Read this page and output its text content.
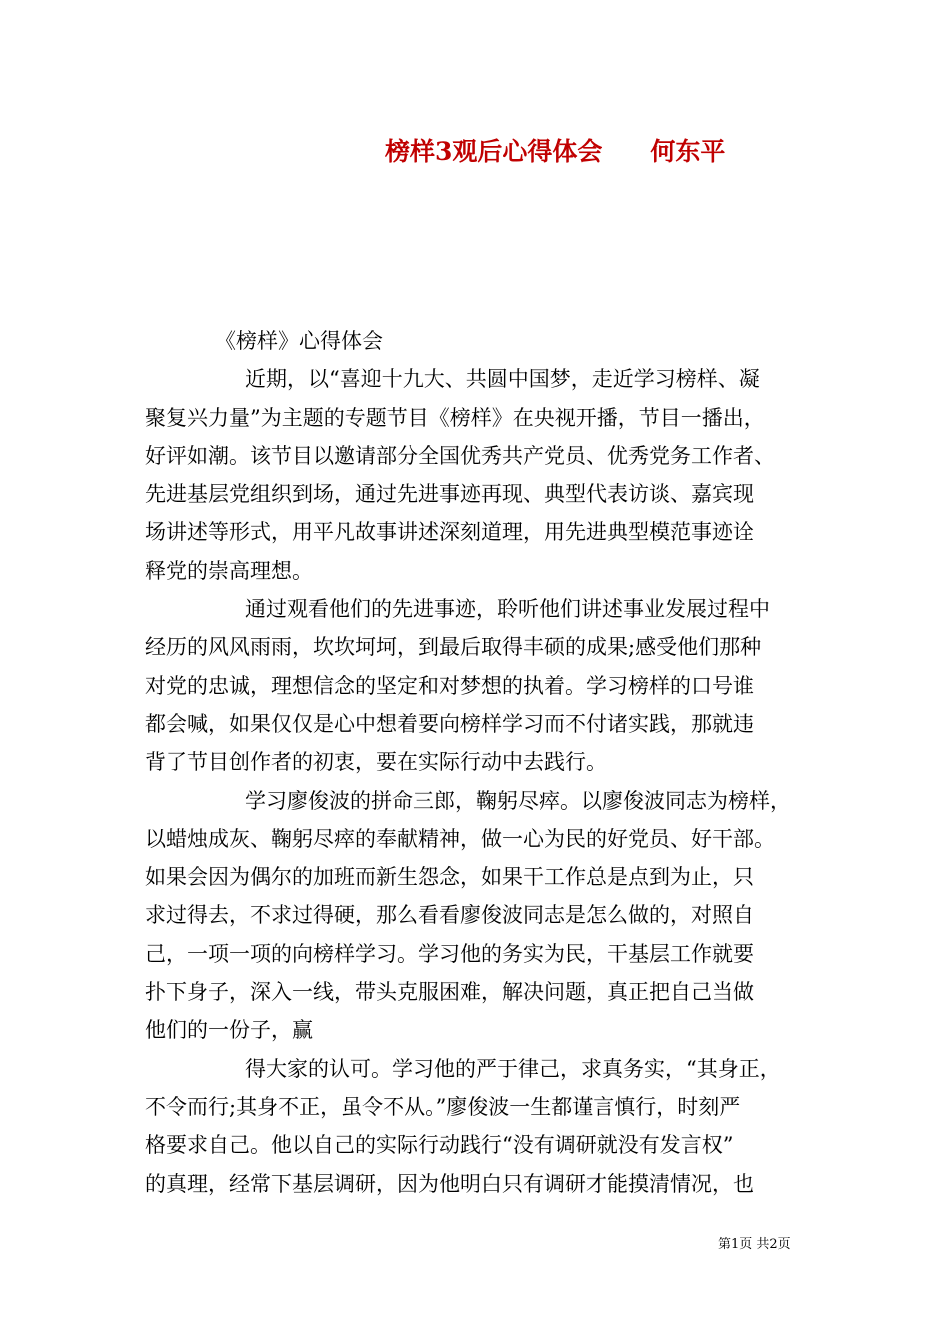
榜样3观后心得体会 何东平
《榜样》心得体会
近期，以“喜迎十九大、共圆中国梦，走近学习榜样、凝
聚复兴力量”为主题的专题节目《榜样》在央视开播，节目一播出，
好评如潮。该节目以邀请部分全国优秀共产党员、优秀党务工作者、
先进基层党组织到场，通过先进事迹再现、典型代表访谈、嘉宾现
场讲述等形式，用平凡故事讲述深刻道理，用先进典型模范事迹诠
释党的崇高理想。
通过观看他们的先进事迹，聆听他们讲述事业发展过程中
经历的风风雨雨，坎坎坷坷，到最后取得丰硕的成果;感受他们那种
对党的忠诚，理想信念的坚定和对梦想的执着。学习榜样的口号谁
都会喊，如果仅仅是心中想着要向榜样学习而不付诸实践，那就违
背了节目创作者的初衷，要在实际行动中去践行。
学习廖俊波的拼命三郎，鞠躬尽瘁。以廖俊波同志为榜样，
以蜡烛成灰、鞠躬尽瘁的奉献精神，做一心为民的好党员、好干部。
如果会因为偶尔的加班而新生怨念，如果干工作总是点到为止，只
求过得去，不求过得硬，那么看看廖俊波同志是怎么做的，对照自
己，一项一项的向榜样学习。学习他的务实为民，干基层工作就要
扑下身子，深入一线，带头克服困难，解决问题，真正把自己当做
他们的一份子，赢
得大家的认可。学习他的严于律己，求真务实，“其身正，
不令而行;其身不正，虽令不从。”廖俊波一生都谨言慎行，时刻严
格要求自己。他以自己的实际行动践行“没有调研就没有发言权”
的真理，经常下基层调研，因为他明白只有调研才能摸清情况，也
第1页 共2页
